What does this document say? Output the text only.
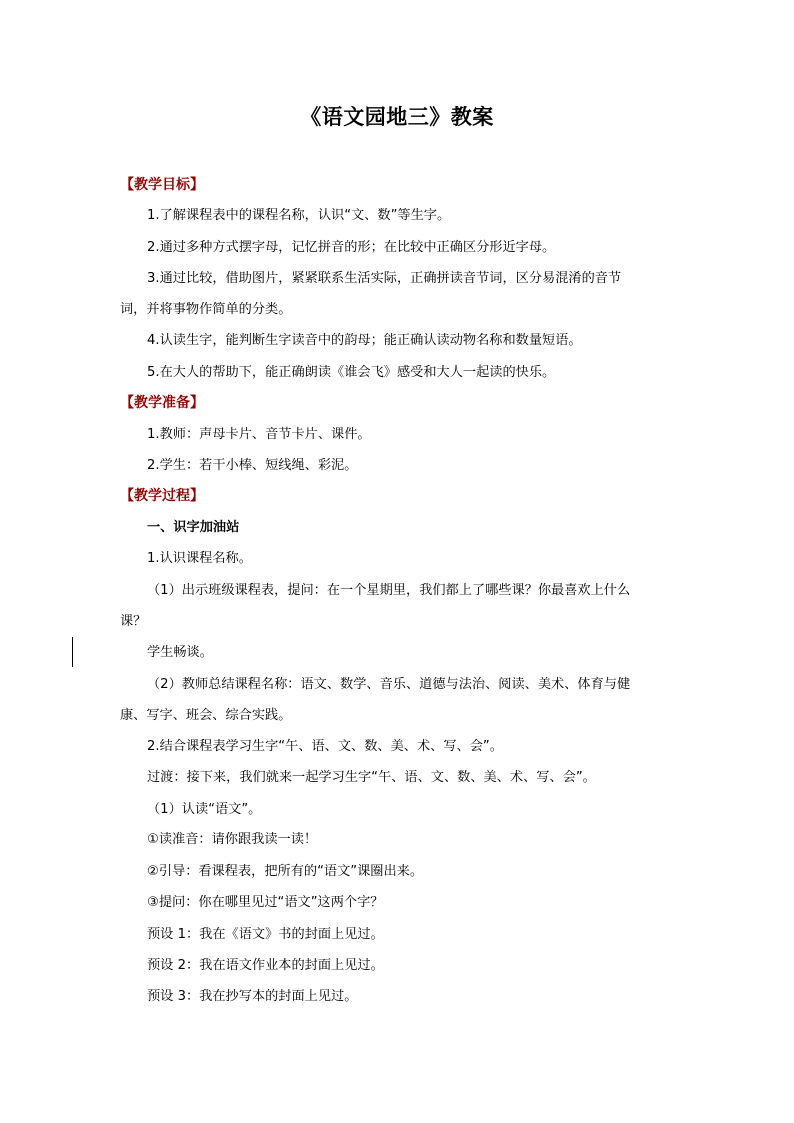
《语文园地三》教案
【教学目标】
1.了解课程表中的课程名称，认识“文、数”等生字。
2.通过多种方式摆字母，记忆拼音的形；在比较中正确区分形近字母。
3.通过比较，借助图片，紧紧联系生活实际，正确拼读音节词，区分易混淆的音节
词，并将事物作简单的分类。
4.认读生字，能判断生字读音中的韵母；能正确认读动物名称和数量短语。
5.在大人的帮助下，能正确朗读《谁会飞》感受和大人一起读的快乐。
【教学准备】
1.教师：声母卡片、音节卡片、课件。
2.学生：若干小棒、短线绳、彩泥。
【教学过程】
一、识字加油站
1.认识课程名称。
（1）出示班级课程表，提问：在一个星期里，我们都上了哪些课？你最喜欢上什么
课？
学生畅谈。
（2）教师总结课程名称：语文、数学、音乐、道德与法治、阅读、美术、体育与健
康、写字、班会、综合实践。
2.结合课程表学习生字“午、语、文、数、美、术、写、会”。
过渡：接下来，我们就来一起学习生字“午、语、文、数、美、术、写、会”。
（1）认读“语文”。
①读准音：请你跟我读一读！
②引导：看课程表，把所有的“语文”课圈出来。
③提问：你在哪里见过“语文”这两个字？
预设 1：我在《语文》书的封面上见过。
预设 2：我在语文作业本的封面上见过。
预设 3：我在抄写本的封面上见过。
